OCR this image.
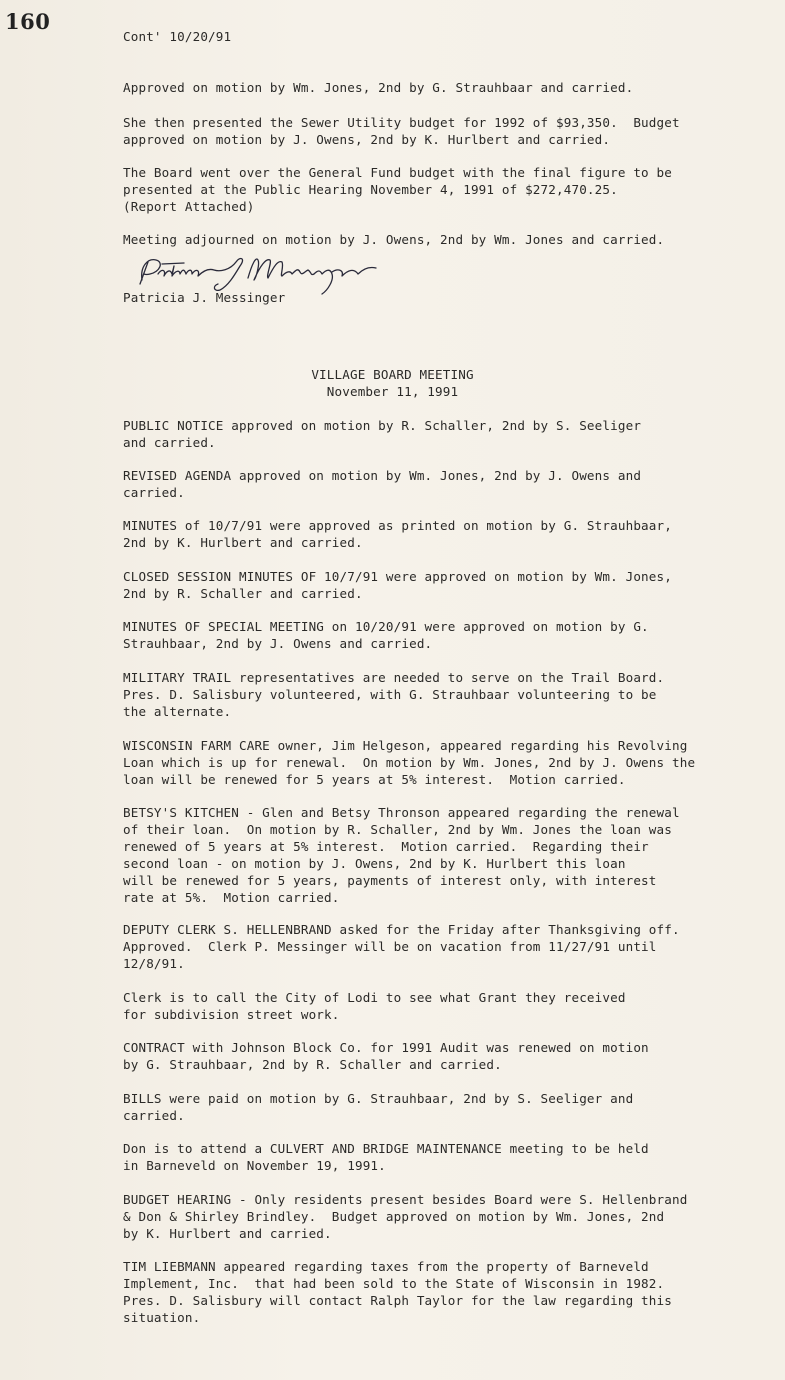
160
Cont' 10/20/91
Approved on motion by Wm. Jones, 2nd by G. Strauhbaar and carried.
She then presented the Sewer Utility budget for 1992 of $93,350.  Budget
approved on motion by J. Owens, 2nd by K. Hurlbert and carried.
The Board went over the General Fund budget with the final figure to be
presented at the Public Hearing November 4, 1991 of $272,470.25.
(Report Attached)
Meeting adjourned on motion by J. Owens, 2nd by Wm. Jones and carried.
Patricia J. Messinger
VILLAGE BOARD MEETING
November 11, 1991
PUBLIC NOTICE approved on motion by R. Schaller, 2nd by S. Seeliger
and carried.
REVISED AGENDA approved on motion by Wm. Jones, 2nd by J. Owens and
carried.
MINUTES of 10/7/91 were approved as printed on motion by G. Strauhbaar,
2nd by K. Hurlbert and carried.
CLOSED SESSION MINUTES OF 10/7/91 were approved on motion by Wm. Jones,
2nd by R. Schaller and carried.
MINUTES OF SPECIAL MEETING on 10/20/91 were approved on motion by G.
Strauhbaar, 2nd by J. Owens and carried.
MILITARY TRAIL representatives are needed to serve on the Trail Board.
Pres. D. Salisbury volunteered, with G. Strauhbaar volunteering to be
the alternate.
WISCONSIN FARM CARE owner, Jim Helgeson, appeared regarding his Revolving
Loan which is up for renewal.  On motion by Wm. Jones, 2nd by J. Owens the
loan will be renewed for 5 years at 5% interest.  Motion carried.
BETSY'S KITCHEN - Glen and Betsy Thronson appeared regarding the renewal
of their loan.  On motion by R. Schaller, 2nd by Wm. Jones the loan was
renewed of 5 years at 5% interest.  Motion carried.  Regarding their
second loan - on motion by J. Owens, 2nd by K. Hurlbert this loan
will be renewed for 5 years, payments of interest only, with interest
rate at 5%.  Motion carried.
DEPUTY CLERK S. HELLENBRAND asked for the Friday after Thanksgiving off.
Approved.  Clerk P. Messinger will be on vacation from 11/27/91 until
12/8/91.
Clerk is to call the City of Lodi to see what Grant they received
for subdivision street work.
CONTRACT with Johnson Block Co. for 1991 Audit was renewed on motion
by G. Strauhbaar, 2nd by R. Schaller and carried.
BILLS were paid on motion by G. Strauhbaar, 2nd by S. Seeliger and
carried.
Don is to attend a CULVERT AND BRIDGE MAINTENANCE meeting to be held
in Barneveld on November 19, 1991.
BUDGET HEARING - Only residents present besides Board were S. Hellenbrand
& Don & Shirley Brindley.  Budget approved on motion by Wm. Jones, 2nd
by K. Hurlbert and carried.
TIM LIEBMANN appeared regarding taxes from the property of Barneveld
Implement, Inc.  that had been sold to the State of Wisconsin in 1982.
Pres. D. Salisbury will contact Ralph Taylor for the law regarding this
situation.
